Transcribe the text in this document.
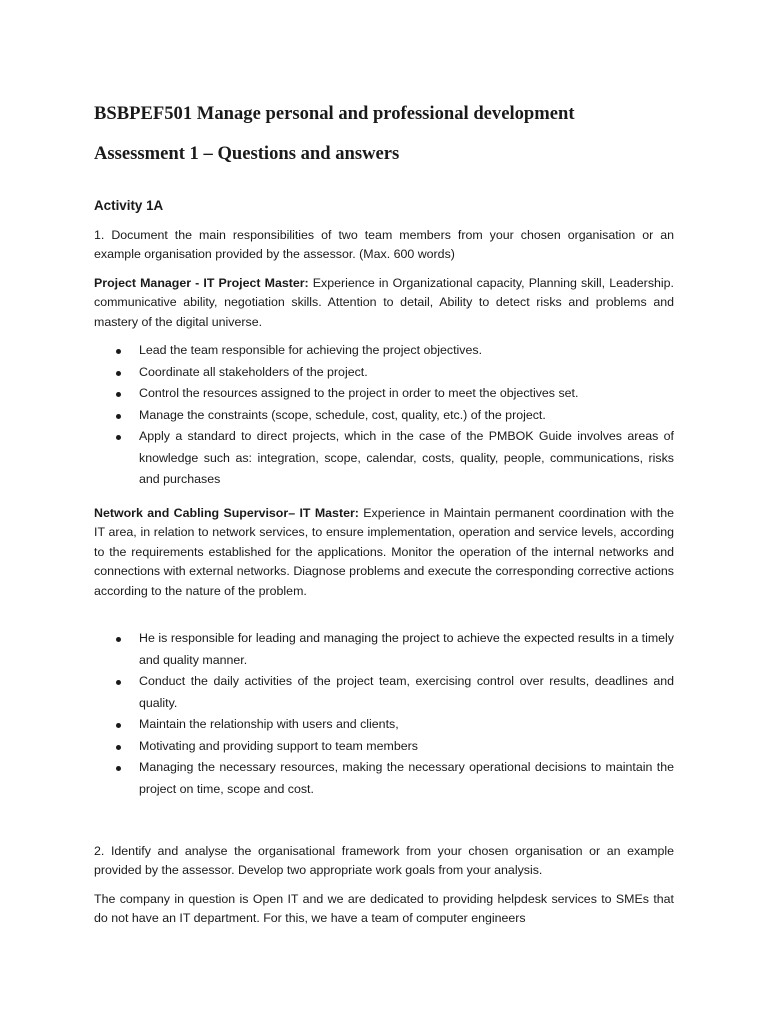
BSBPEF501 Manage personal and professional development
Assessment 1 – Questions and answers
Activity 1A

1. Document the main responsibilities of two team members from your chosen organisation or an example organisation provided by the assessor. (Max. 600 words)

Project Manager - IT Project Master: Experience in Organizational capacity, Planning skill, Leadership. communicative ability, negotiation skills. Attention to detail, Ability to detect risks and problems and mastery of the digital universe.

Lead the team responsible for achieving the project objectives.
Coordinate all stakeholders of the project.
Control the resources assigned to the project in order to meet the objectives set.
Manage the constraints (scope, schedule, cost, quality, etc.) of the project.
Apply a standard to direct projects, which in the case of the PMBOK Guide involves areas of knowledge such as: integration, scope, calendar, costs, quality, people, communications, risks and purchases

Network and Cabling Supervisor– IT Master: Experience in Maintain permanent coordination with the IT area, in relation to network services, to ensure implementation, operation and service levels, according to the requirements established for the applications. Monitor the operation of the internal networks and connections with external networks. Diagnose problems and execute the corresponding corrective actions according to the nature of the problem.

He is responsible for leading and managing the project to achieve the expected results in a timely and quality manner.
Conduct the daily activities of the project team, exercising control over results, deadlines and quality.
Maintain the relationship with users and clients,
Motivating and providing support to team members
Managing the necessary resources, making the necessary operational decisions to maintain the project on time, scope and cost.

2. Identify and analyse the organisational framework from your chosen organisation or an example provided by the assessor. Develop two appropriate work goals from your analysis.

The company in question is Open IT and we are dedicated to providing helpdesk services to SMEs that do not have an IT department. For this, we have a team of computer engineers
